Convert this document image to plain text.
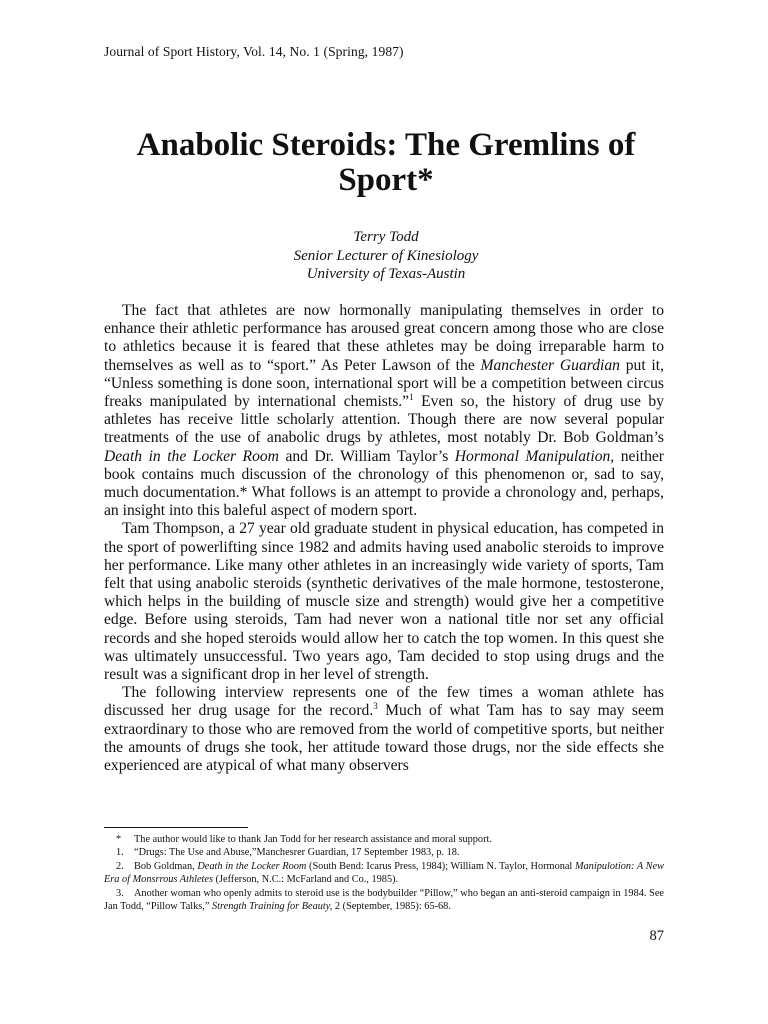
Journal of Sport History, Vol. 14, No. 1 (Spring, 1987)
Anabolic Steroids: The Gremlins of
Sport*
Terry Todd
Senior Lecturer of Kinesiology
University of Texas-Austin

The fact that athletes are now hormonally manipulating themselves in order to enhance their athletic performance has aroused great concern among those who are close to athletics because it is feared that these athletes may be doing irreparable harm to themselves as well as to “sport.” As Peter Lawson of the Manchester Guardian put it, “Unless something is done soon, international sport will be a competition between circus freaks manipulated by international chemists.”$^1$ Even so, the history of drug use by athletes has receive little scholarly attention. Though there are now several popular treatments of the use of anabolic drugs by athletes, most notably Dr. Bob Goldman’s Death in the Locker Room and Dr. William Taylor’s Hormonal Manipulation, neither book contains much discussion of the chronology of this phenomenon or, sad to say, much documentation.* What follows is an attempt to provide a chronology and, perhaps, an insight into this baleful aspect of modern sport.

Tam Thompson, a 27 year old graduate student in physical education, has competed in the sport of powerlifting since 1982 and admits having used anabolic steroids to improve her performance. Like many other athletes in an increasingly wide variety of sports, Tam felt that using anabolic steroids (synthetic derivatives of the male hormone, testosterone, which helps in the building of muscle size and strength) would give her a competitive edge. Before using steroids, Tam had never won a national title nor set any official records and she hoped steroids would allow her to catch the top women. In this quest she was ultimately unsuccessful. Two years ago, Tam decided to stop using drugs and the result was a significant drop in her level of strength.

The following interview represents one of the few times a woman athlete has discussed her drug usage for the record.$^3$ Much of what Tam has to say may seem extraordinary to those who are removed from the world of competitive sports, but neither the amounts of drugs she took, her attitude toward those drugs, nor the side effects she experienced are atypical of what many observers

* The author would like to thank Jan Todd for her research assistance and moral support.

1. “Drugs: The Use and Abuse,”Manchesrer Guardian, 17 September 1983, p. 18.

2. Bob Goldman, Death in the Locker Room (South Bend: Icarus Press, 1984); William N. Taylor, Hormonal Manipulotion: A New Era of Monsrrous Athletes (Jefferson, N.C.: McFarland and Co., 1985).

3. Another woman who openly admits to steroid use is the bodybuilder “Pillow,” who began an anti-steroid campaign in 1984. See Jan Todd, “Pillow Talks,” Strength Training for Beauty, 2 (September, 1985): 65-68.

87
